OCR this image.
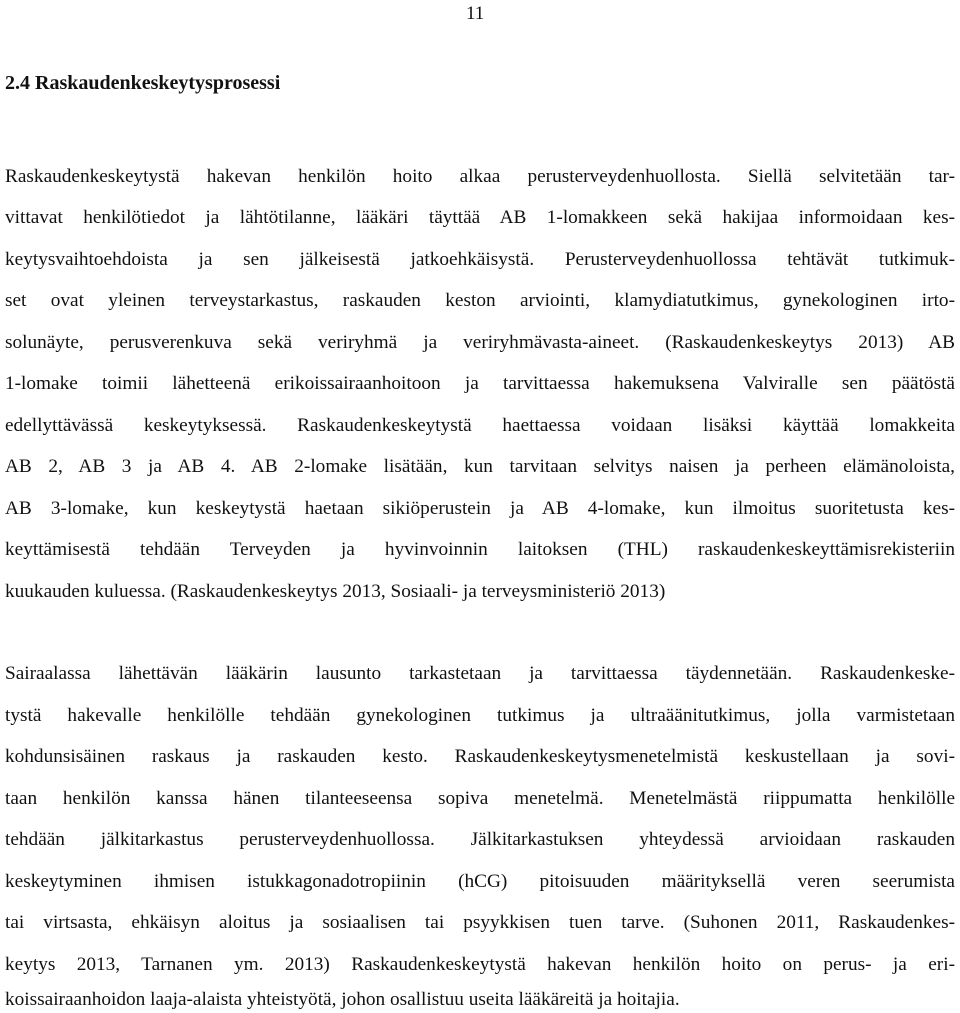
11
2.4 Raskaudenkeskeytysprosessi
Raskaudenkeskeytystä hakevan henkilön hoito alkaa perusterveydenhuollosta. Siellä selvitetään tar-
vittavat henkilötiedot ja lähtötilanne, lääkäri täyttää AB 1-lomakkeen sekä hakijaa informoidaan kes-
keytysvaihtoehdoista ja sen jälkeisestä jatkoehkäisystä. Perusterveydenhuollossa tehtävät tutkimuk-
set ovat yleinen terveystarkastus, raskauden keston arviointi, klamydiatutkimus, gynekologinen irto-
solunäyte, perusverenkuva sekä veriryhmä ja veriryhmävasta-aineet. (Raskaudenkeskeytys 2013) AB
1-lomake toimii lähetteenä erikoissairaanhoitoon ja tarvittaessa hakemuksena Valviralle sen päätöstä
edellyttävässä keskeytyksessä. Raskaudenkeskeytystä haettaessa voidaan lisäksi käyttää lomakkeita
AB 2, AB 3 ja AB 4. AB 2-lomake lisätään, kun tarvitaan selvitys naisen ja perheen elämänoloista,
AB 3-lomake, kun keskeytystä haetaan sikiöperustein ja AB 4-lomake, kun ilmoitus suoritetusta kes-
keyttämisestä tehdään Terveyden ja hyvinvoinnin laitoksen (THL) raskaudenkeskeyttämisrekisteriin
kuukauden kuluessa. (Raskaudenkeskeytys 2013, Sosiaali- ja terveysministeriö 2013)
Sairaalassa lähettävän lääkärin lausunto tarkastetaan ja tarvittaessa täydennetään. Raskaudenkeske-
tystä hakevalle henkilölle tehdään gynekologinen tutkimus ja ultraäänitutkimus, jolla varmistetaan
kohdunsisäinen raskaus ja raskauden kesto. Raskaudenkeskeytysmenetelmistä keskustellaan ja sovi-
taan henkilön kanssa hänen tilanteeseensa sopiva menetelmä. Menetelmästä riippumatta henkilölle
tehdään jälkitarkastus perusterveydenhuollossa. Jälkitarkastuksen yhteydessä arvioidaan raskauden
keskeytyminen ihmisen istukkagonadotropiinin (hCG) pitoisuuden määrityksellä veren seerumista
tai virtsasta, ehkäisyn aloitus ja sosiaalisen tai psyykkisen tuen tarve. (Suhonen 2011, Raskaudenkes-
keytys 2013, Tarnanen ym. 2013) Raskaudenkeskeytystä hakevan henkilön hoito on perus- ja eri-
koissairaanhoidon laaja-alaista yhteistyötä, johon osallistuu useita lääkäreitä ja hoitajia.
